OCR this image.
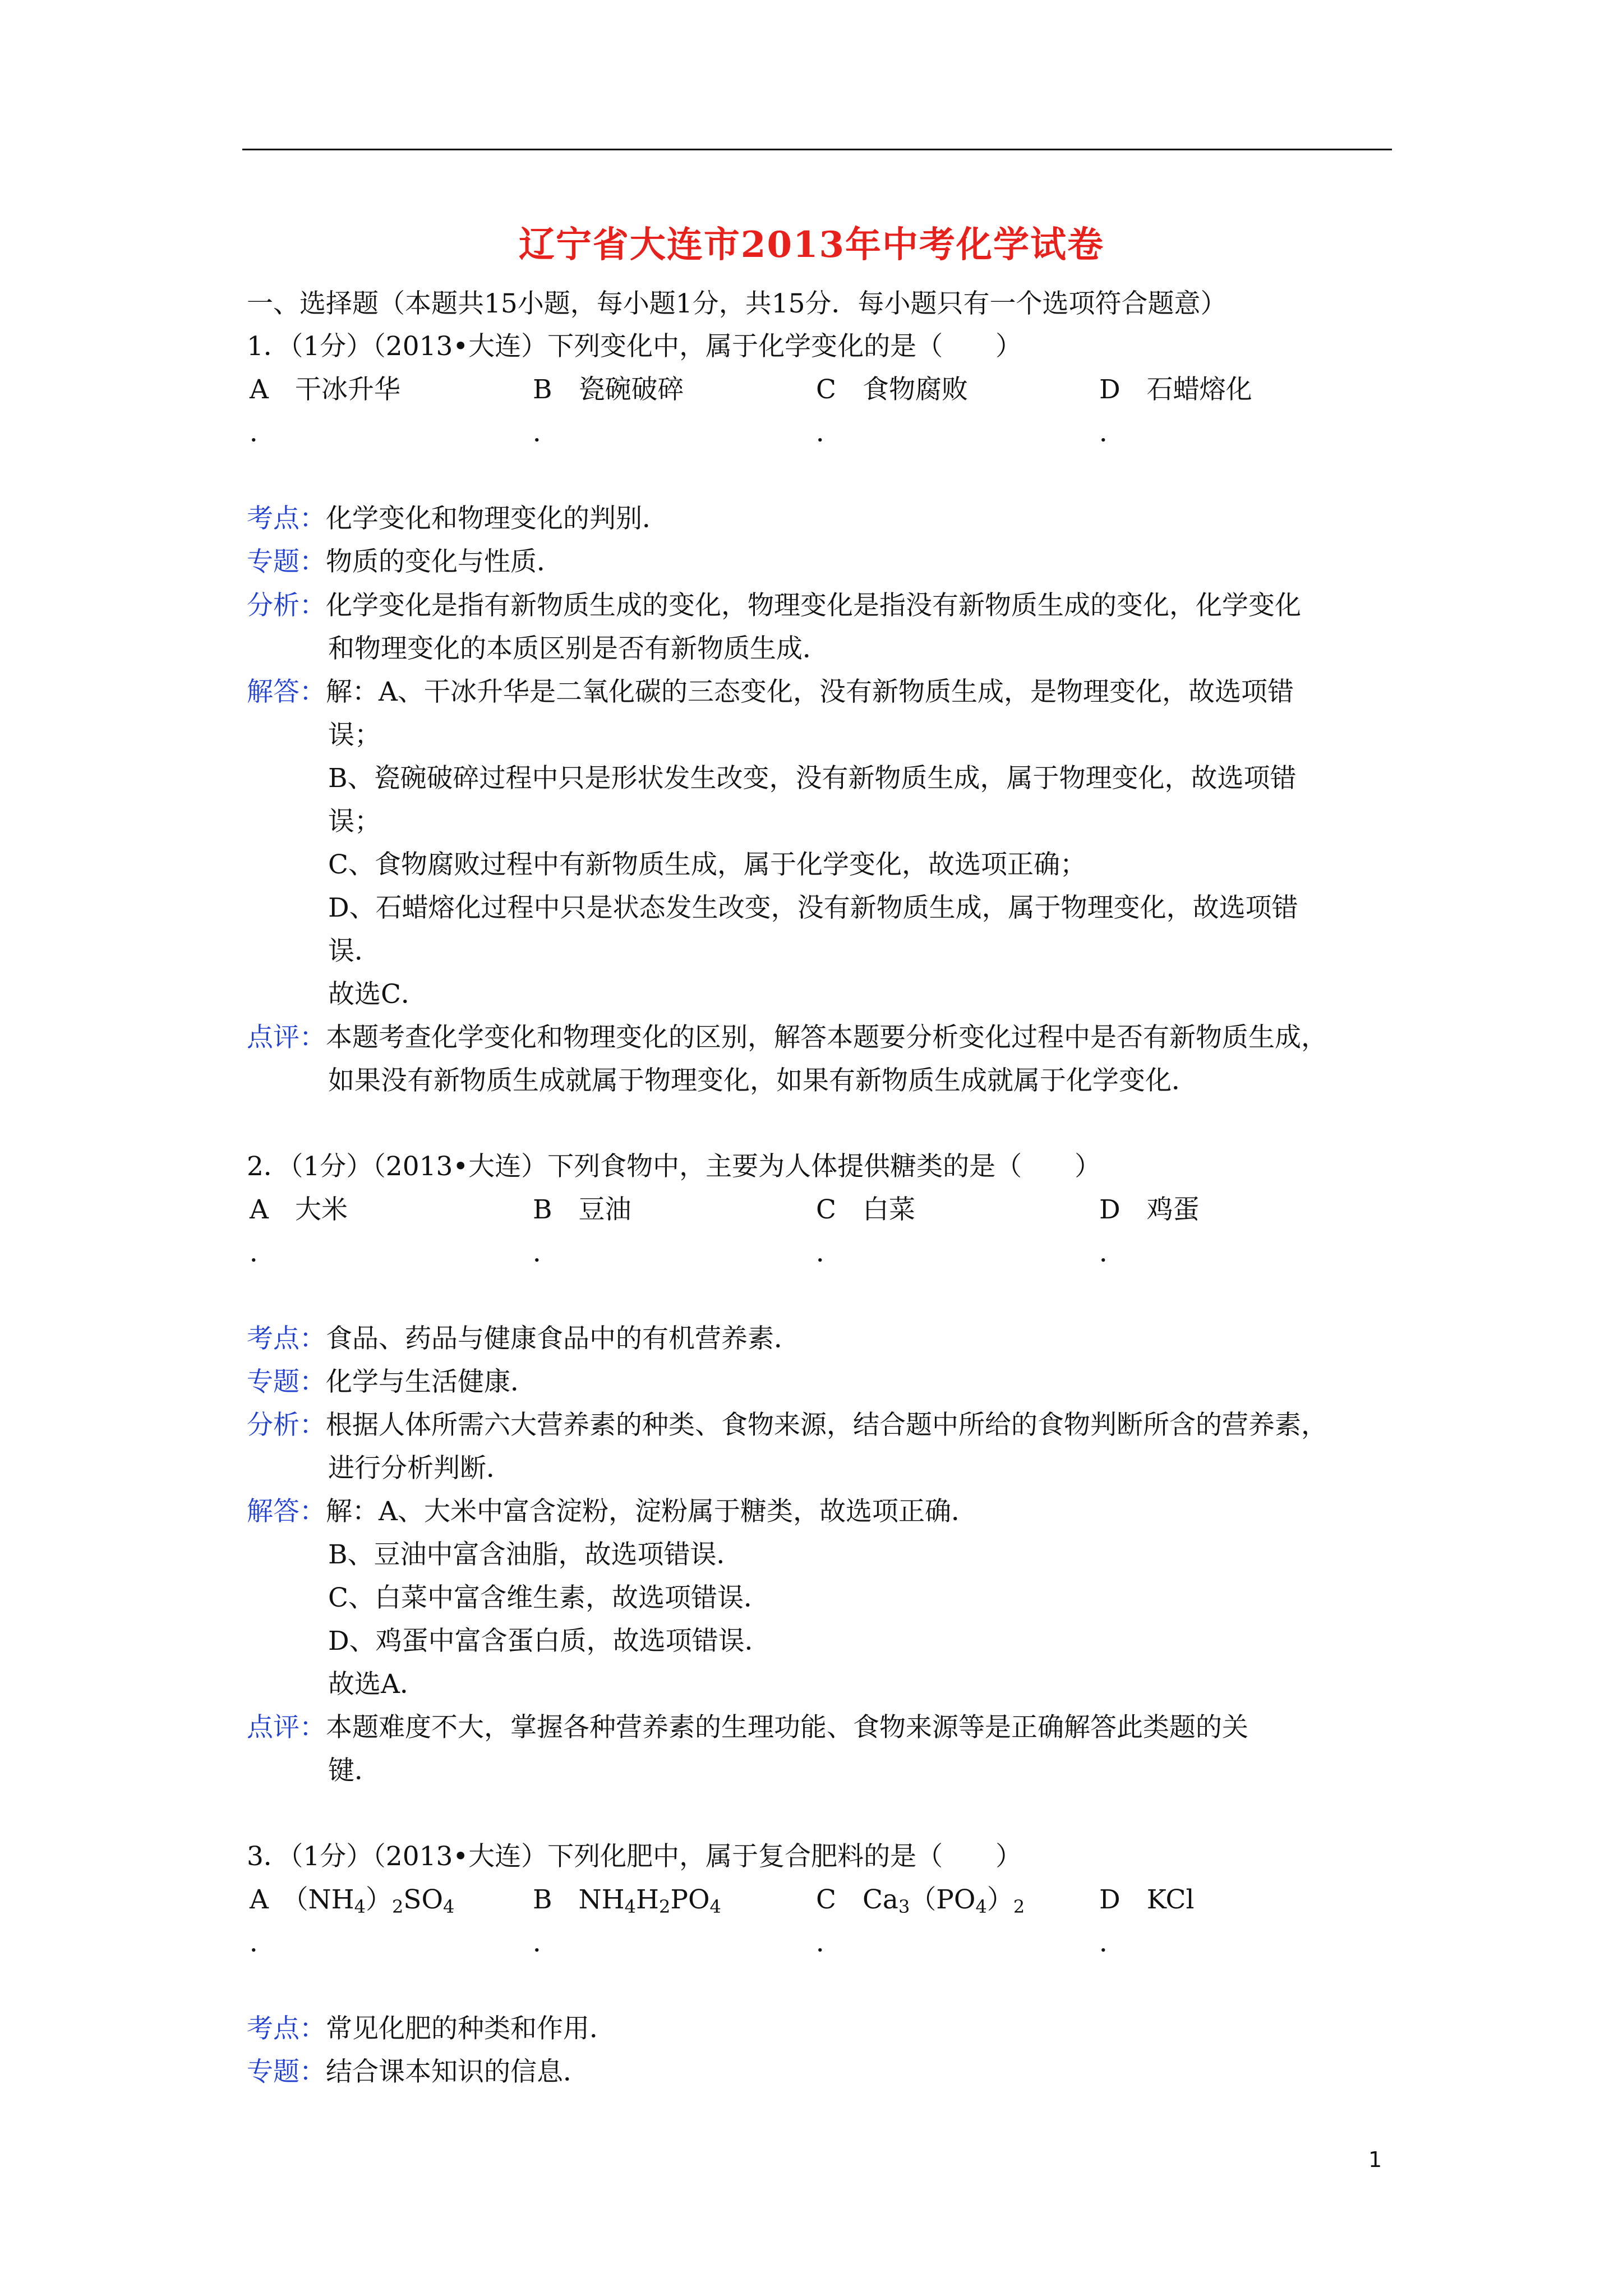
辽宁省大连市2013年中考化学试卷
一、选择题（本题共15小题，每小题1分，共15分．每小题只有一个选项符合题意）
1．（1分）（2013•大连）下列变化中，属于化学变化的是（　　）
A　干冰升华	B　瓷碗破碎	C　食物腐败	D　石蜡熔化
．	．	．	．
考点：化学变化和物理变化的判别．
专题：物质的变化与性质．
分析：化学变化是指有新物质生成的变化，物理变化是指没有新物质生成的变化，化学变化
和物理变化的本质区别是否有新物质生成．
解答：解：A、干冰升华是二氧化碳的三态变化，没有新物质生成，是物理变化，故选项错
误；
B、瓷碗破碎过程中只是形状发生改变，没有新物质生成，属于物理变化，故选项错
误；
C、食物腐败过程中有新物质生成，属于化学变化，故选项正确；
D、石蜡熔化过程中只是状态发生改变，没有新物质生成，属于物理变化，故选项错
误．
故选C．
点评：本题考查化学变化和物理变化的区别，解答本题要分析变化过程中是否有新物质生成，
如果没有新物质生成就属于物理变化，如果有新物质生成就属于化学变化．
2．（1分）（2013•大连）下列食物中，主要为人体提供糖类的是（　　）
A　大米	B　豆油	C　白菜	D　鸡蛋
．	．	．	．
考点：食品、药品与健康食品中的有机营养素．
专题：化学与生活健康．
分析：根据人体所需六大营养素的种类、食物来源，结合题中所给的食物判断所含的营养素，
进行分析判断．
解答：解：A、大米中富含淀粉，淀粉属于糖类，故选项正确．
B、豆油中富含油脂，故选项错误．
C、白菜中富含维生素，故选项错误．
D、鸡蛋中富含蛋白质，故选项错误．
故选A．
点评：本题难度不大，掌握各种营养素的生理功能、食物来源等是正确解答此类题的关
键．
3．（1分）（2013•大连）下列化肥中，属于复合肥料的是（　　）
A　 $(NH_4)_2SO_4$	B　 $NH_4H_2PO_4$	C　 $Ca_3(PO_4)_2$	D　 KCl
．	．	．	．
考点：常见化肥的种类和作用．
专题：结合课本知识的信息．
1
